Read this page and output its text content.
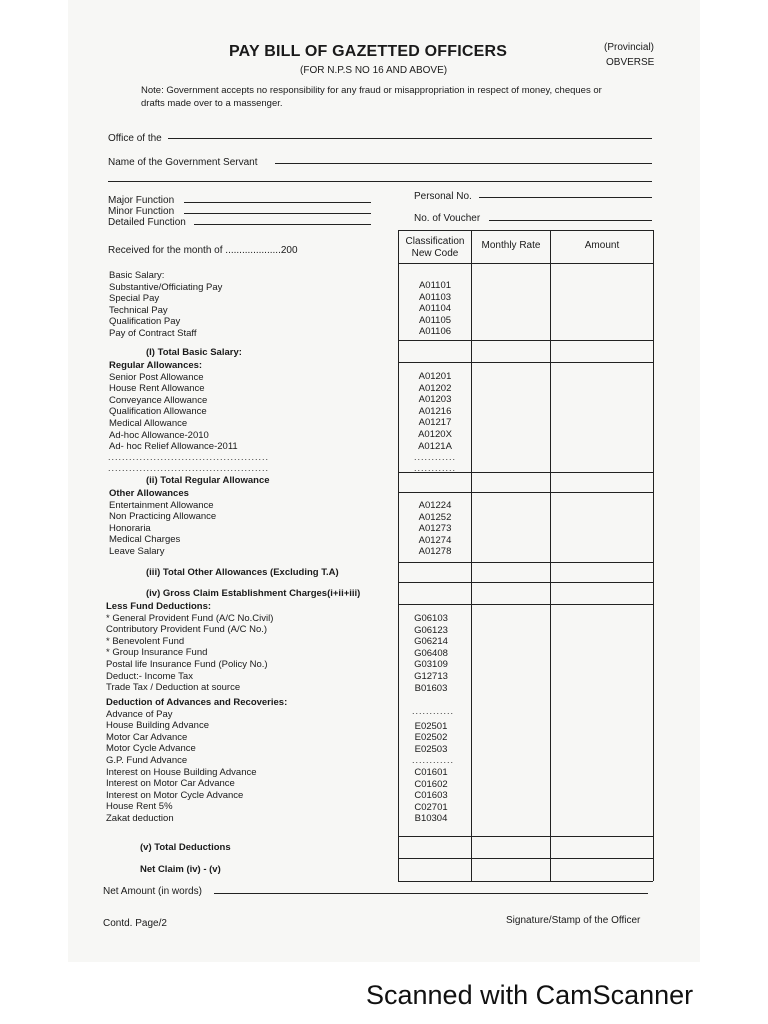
PAY BILL OF GAZETTED OFFICERS
(FOR N.P.S NO 16 AND ABOVE)
(Provincial)
OBVERSE
Note: Government accepts no responsibility for any fraud or misappropriation in respect of money, cheques or drafts made over to a massenger.
Office of the
Name of the Government Servant
Major Function
Minor Function
Detailed Function
Personal No.
No. of Voucher
Received for the month of ....................200
Classification
New Code
Monthly Rate	Amount
Basic Salary:
Substantive/Officiating Pay
Special Pay
Technical Pay
Qualification Pay
Pay of Contract Staff
A01101
A01103
A01104
A01105
A01106
(I) Total Basic Salary:
Regular Allowances:
Senior Post Allowance
House Rent Allowance
Conveyance Allowance
Qualification Allowance
Medical Allowance
Ad-hoc Allowance-2010
Ad- hoc Relief Allowance-2011
A01201
A01202
A01203
A01216
A01217
A0120X
A0121A
..............................................
..............................................
............
............
(ii) Total Regular Allowance
Other Allowances
Entertainment Allowance
Non Practicing Allowance
Honoraria
Medical Charges
Leave Salary
A01224
A01252
A01273
A01274
A01278
(iii) Total Other Allowances (Excluding T.A)
(iv) Gross Claim Establishment Charges(i+ii+iii)
Less Fund Deductions:
* General Provident Fund (A/C No.Civil)
Contributory Provident Fund (A/C No.)
* Benevolent Fund
* Group Insurance Fund
Postal life Insurance Fund (Policy No.)
Deduct:- Income Tax
Trade Tax / Deduction at source
G06103
G06123
G06214
G06408
G03109
G12713
B01603
Deduction of Advances and Recoveries:
Advance of Pay
House Building Advance
Motor Car Advance
Motor Cycle Advance
G.P. Fund Advance
Interest on House Building Advance
Interest on Motor Car Advance
Interest on Motor Cycle Advance
House Rent 5%
Zakat deduction

E02501
E02502
E02503

C01601
C01602
C01603
C02701
B10304
............
............
(v) Total Deductions
Net Claim (iv) - (v)
Net Amount (in words)
Contd. Page/2	Signature/Stamp of the Officer
Scanned with CamScanner
